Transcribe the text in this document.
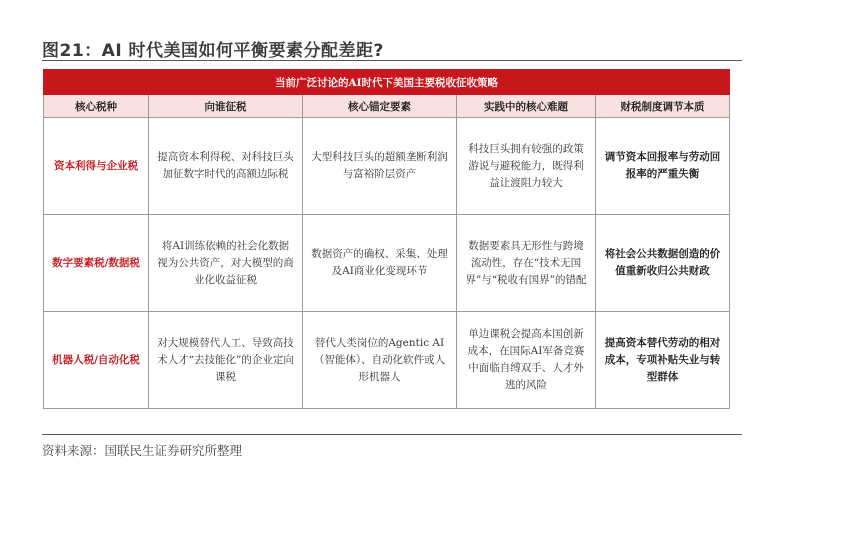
图21：AI 时代美国如何平衡要素分配差距?
当前广泛讨论的AI时代下美国主要税收征收策略				
核心税种	向谁征税	核心锚定要素	实践中的核心难题	财税制度调节本质
资本利得与企业税	提高资本利得税、对科技巨头加征数字时代的高额边际税	大型科技巨头的超额垄断利润与富裕阶层资产	科技巨头拥有较强的政策游说与避税能力，既得利益让渡阻力较大	调节资本回报率与劳动回报率的严重失衡
数字要素税/数据税	将AI训练依赖的社会化数据视为公共资产，对大模型的商业化收益征税	数据资产的确权、采集、处理及AI商业化变现环节	数据要素具无形性与跨境流动性，存在“技术无国界”与“税收有国界”的错配	将社会公共数据创造的价值重新收归公共财政
机器人税/自动化税	对大规模替代人工、导致高技术人才“去技能化”的企业定向课税	替代人类岗位的Agentic AI（智能体）、自动化软件或人形机器人	单边课税会提高本国创新成本，在国际AI军备竞赛中面临自缚双手、人才外逃的风险	提高资本替代劳动的相对成本，专项补贴失业与转型群体
资料来源：国联民生证券研究所整理
